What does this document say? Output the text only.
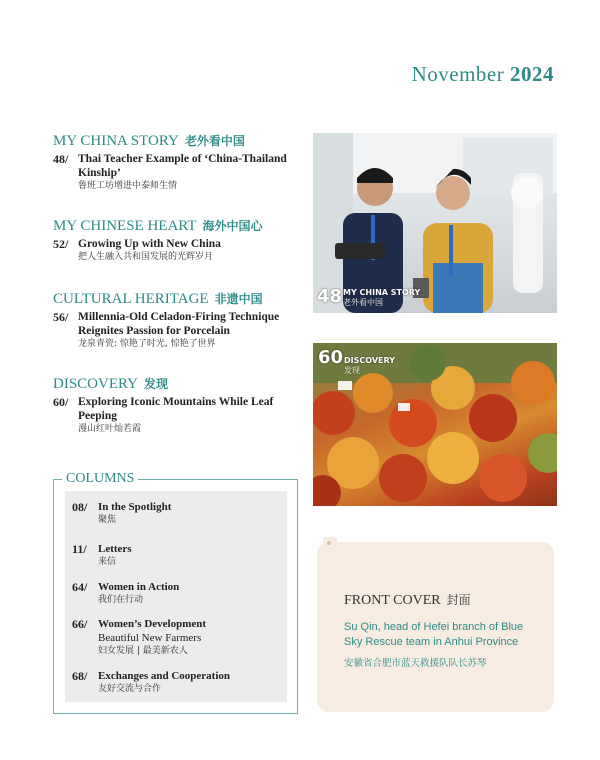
November 2024
MY CHINA STORY 老外看中国
48/ Thai Teacher Example of ‘China-Thailand Kinship’
鲁班工坊增进中泰师生情
MY CHINESE HEART 海外中国心
52/ Growing Up with New China
把人生融入共和国发展的光辉岁月
CULTURAL HERITAGE 非遗中国
56/ Millennia-Old Celadon-Firing Technique Reignites Passion for Porcelain
龙泉青瓷: 惊艳了时光, 惊艳了世界
DISCOVERY 发现
60/ Exploring Iconic Mountains While Leaf Peeping
漫山红叶灿若霞
48 MY CHINA STORY
老外看中国
60 DISCOVERY
发现
COLUMNS
08/ In the Spotlight
聚焦
11/	Letters
来信
64/ Women in Action
我们在行动
66/ Women’s Development
Beautiful New Farmers
妇女发展 | 最美新农人
68/ Exchanges and Cooperation
友好交流与合作
FRONT COVER 封面
Su Qin, head of Hefei branch of Blue Sky Rescue team in Anhui Province
安徽省合肥市蓝天救援队队长苏琴
